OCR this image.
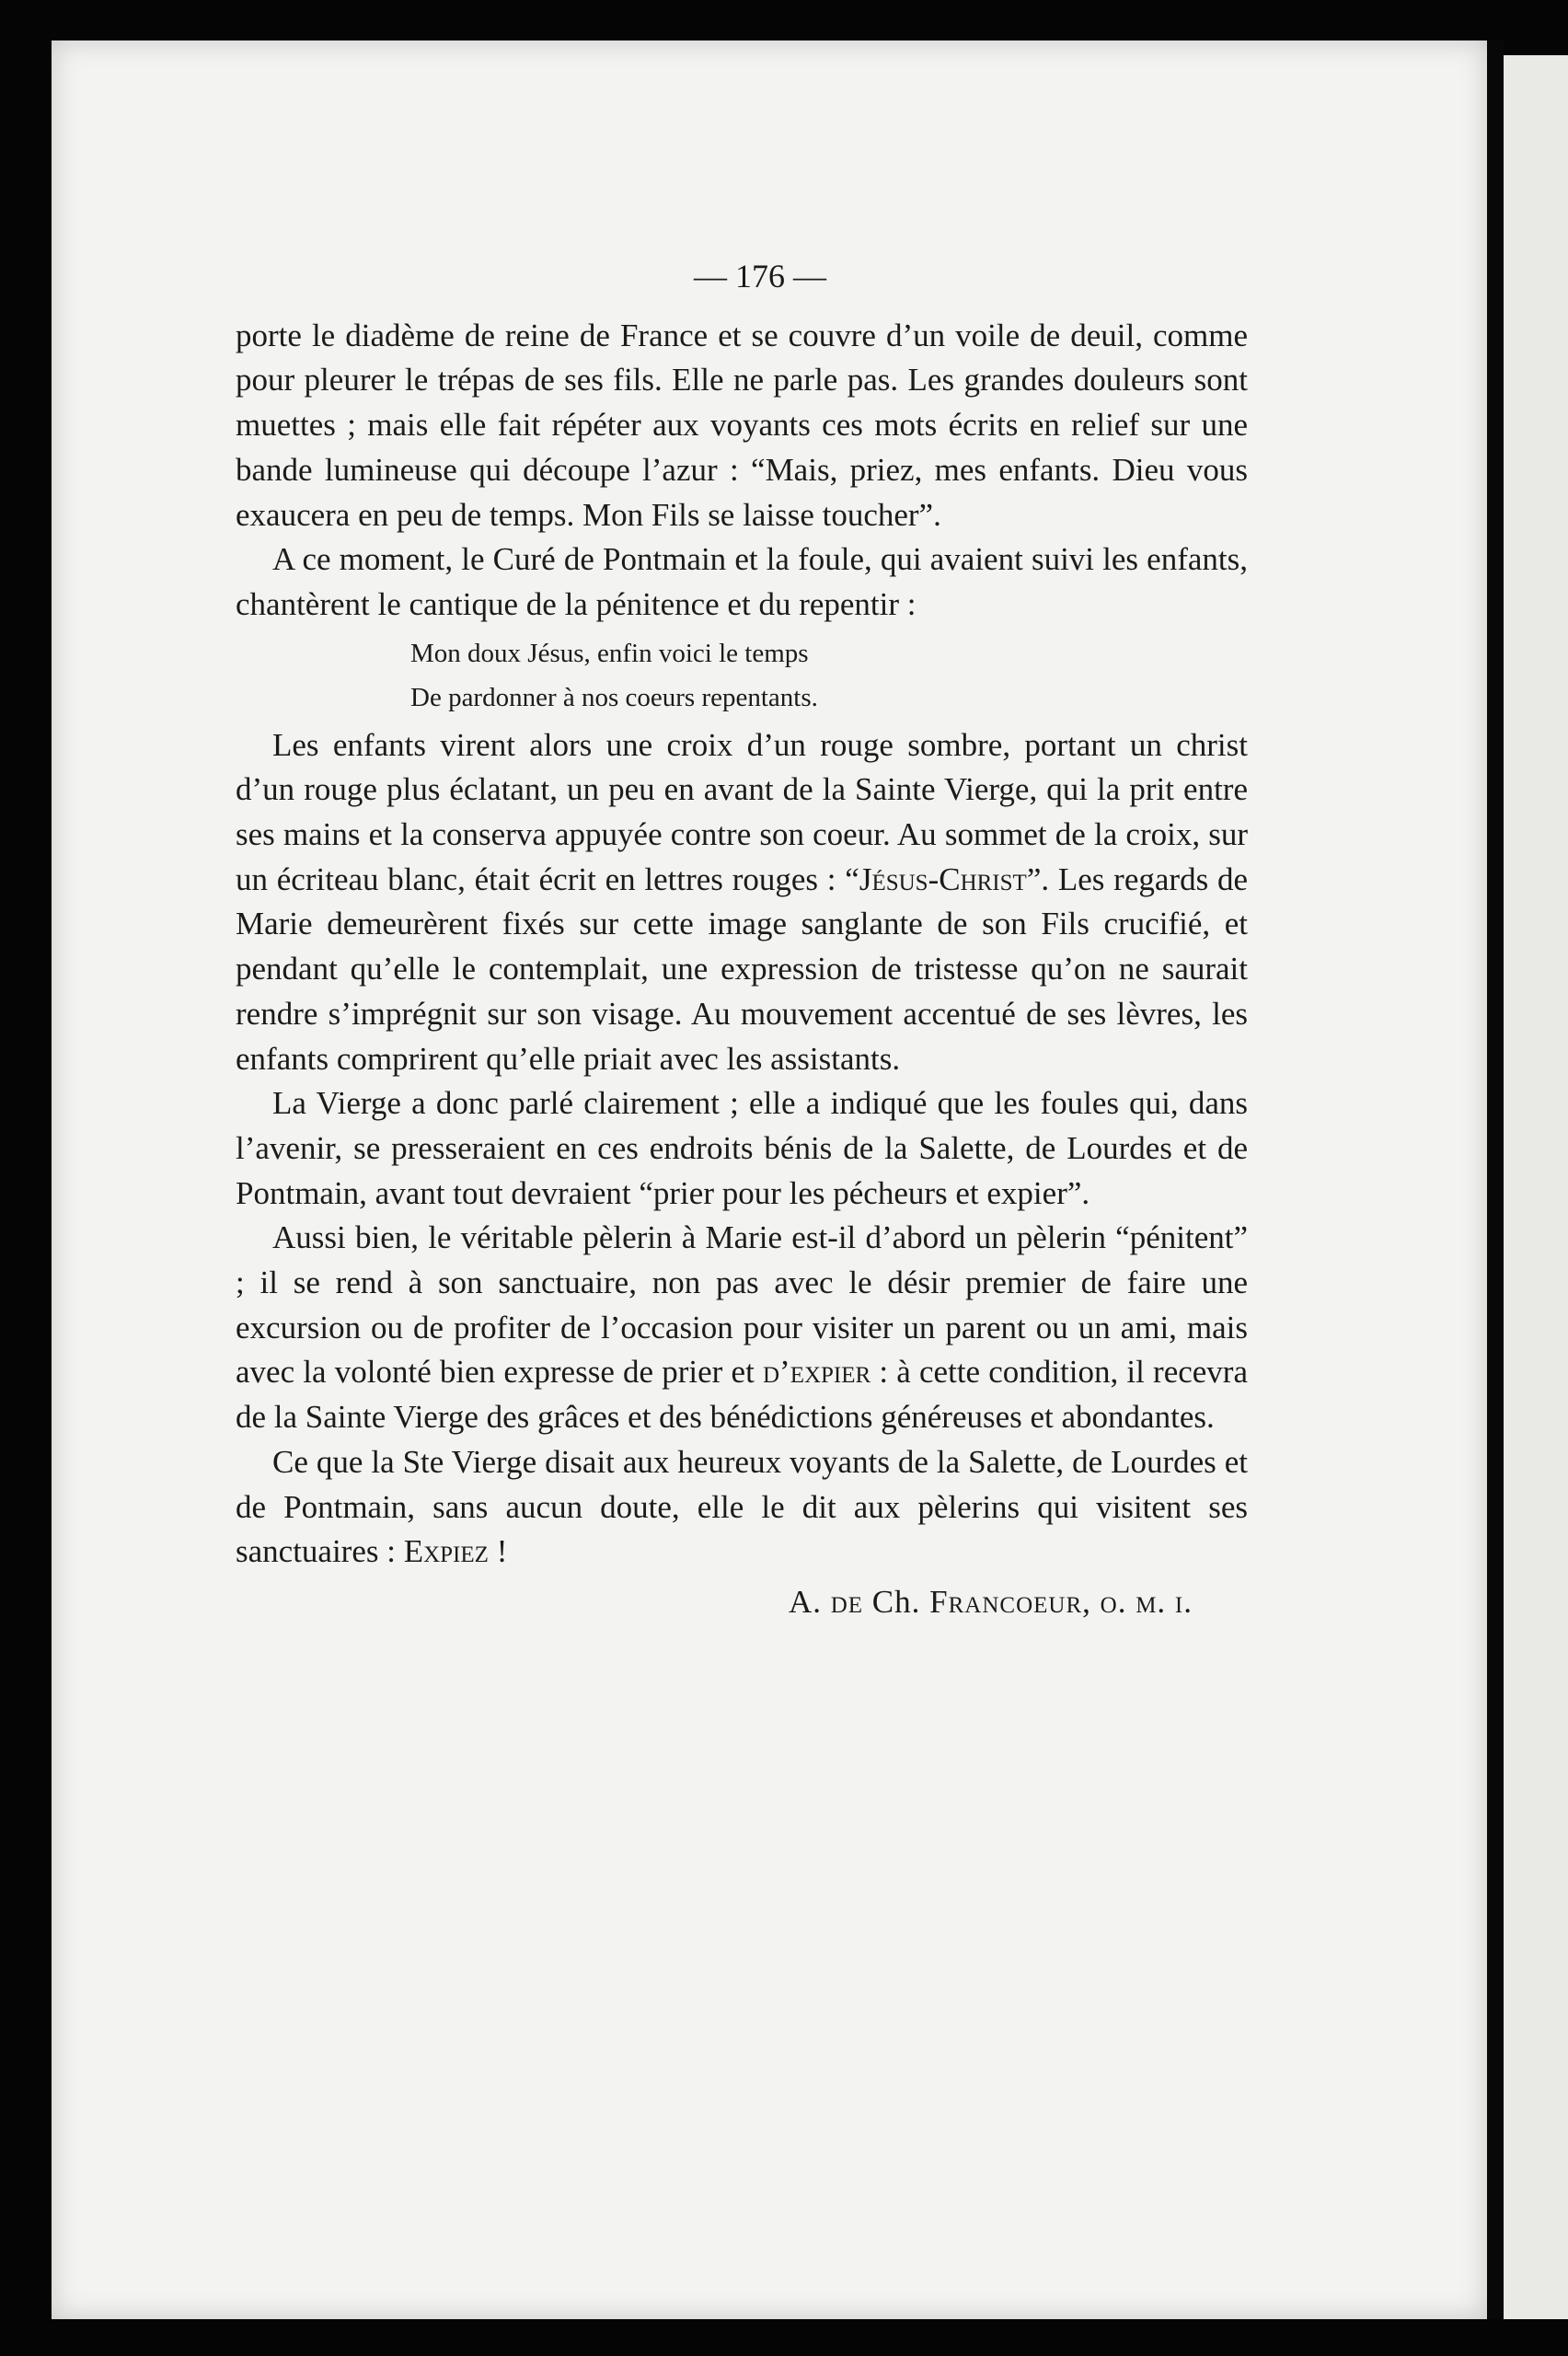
— 176 —

porte le diadème de reine de France et se couvre d’un voile de deuil, comme pour pleurer le trépas de ses fils. Elle ne parle pas. Les grandes douleurs sont muettes ; mais elle fait répéter aux voyants ces mots écrits en relief sur une bande lumineuse qui découpe l’azur : “Mais, priez, mes enfants. Dieu vous exaucera en peu de temps. Mon Fils se laisse toucher”.

A ce moment, le Curé de Pontmain et la foule, qui avaient suivi les enfants, chantèrent le cantique de la pénitence et du repentir :

Mon doux Jésus, enfin voici le temps
De pardonner à nos coeurs repentants.

Les enfants virent alors une croix d’un rouge sombre, portant un christ d’un rouge plus éclatant, un peu en avant de la Sainte Vierge, qui la prit entre ses mains et la conserva appuyée contre son coeur. Au sommet de la croix, sur un écriteau blanc, était écrit en lettres rouges : “Jésus-Christ”. Les regards de Marie demeurèrent fixés sur cette image sanglante de son Fils crucifié, et pendant qu’elle le contemplait, une expression de tristesse qu’on ne saurait rendre s’imprégnit sur son visage. Au mouvement accentué de ses lèvres, les enfants comprirent qu’elle priait avec les assistants.

La Vierge a donc parlé clairement ; elle a indiqué que les foules qui, dans l’avenir, se presseraient en ces endroits bénis de la Salette, de Lourdes et de Pontmain, avant tout devraient “prier pour les pécheurs et expier”.

Aussi bien, le véritable pèlerin à Marie est-il d’abord un pèlerin “pénitent” ; il se rend à son sanctuaire, non pas avec le désir premier de faire une excursion ou de profiter de l’occasion pour visiter un parent ou un ami, mais avec la volonté bien expresse de prier et d’expier : à cette condition, il recevra de la Sainte Vierge des grâces et des bénédictions généreuses et abondantes.

Ce que la Ste Vierge disait aux heureux voyants de la Salette, de Lourdes et de Pontmain, sans aucun doute, elle le dit aux pèlerins qui visitent ses sanctuaires : Expiez !

A. de Ch. Francoeur, o. m. i.
